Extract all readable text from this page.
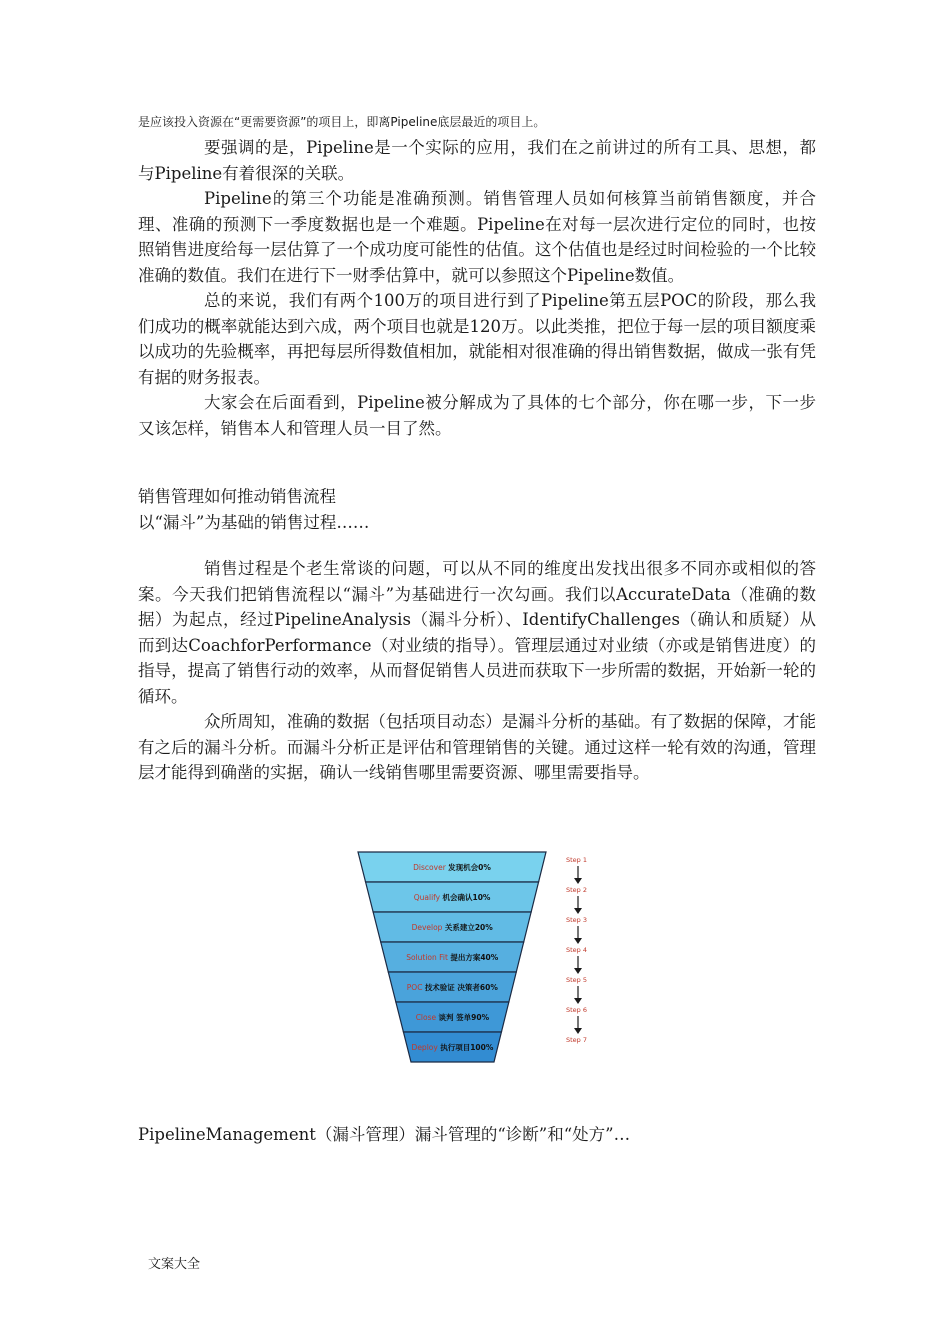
是应该投入资源在“更需要资源”的项目上，即离Pipeline底层最近的项目上。

要强调的是，Pipeline是一个实际的应用，我们在之前讲过的所有工具、思想，都与Pipeline有着很深的关联。

Pipeline的第三个功能是准确预测。销售管理人员如何核算当前销售额度，并合理、准确的预测下一季度数据也是一个难题。Pipeline在对每一层次进行定位的同时，也按照销售进度给每一层估算了一个成功度可能性的估值。这个估值也是经过时间检验的一个比较准确的数值。我们在进行下一财季估算中，就可以参照这个Pipeline数值。

总的来说，我们有两个100万的项目进行到了Pipeline第五层POC的阶段，那么我们成功的概率就能达到六成，两个项目也就是120万。以此类推，把位于每一层的项目额度乘以成功的先验概率，再把每层所得数值相加，就能相对很准确的得出销售数据，做成一张有凭有据的财务报表。

大家会在后面看到，Pipeline被分解成为了具体的七个部分，你在哪一步，下一步又该怎样，销售本人和管理人员一目了然。

销售管理如何推动销售流程

以“漏斗”为基础的销售过程……

销售过程是个老生常谈的问题，可以从不同的维度出发找出很多不同亦或相似的答案。今天我们把销售流程以“漏斗”为基础进行一次勾画。我们以AccurateData（准确的数据）为起点，经过PipelineAnalysis（漏斗分析）、IdentifyChallenges（确认和质疑）从而到达CoachforPerformance（对业绩的指导）。管理层通过对业绩（亦或是销售进度）的指导，提高了销售行动的效率，从而督促销售人员进而获取下一步所需的数据，开始新一轮的循环。

众所周知，准确的数据（包括项目动态）是漏斗分析的基础。有了数据的保障，才能有之后的漏斗分析。而漏斗分析正是评估和管理销售的关键。通过这样一轮有效的沟通，管理层才能得到确凿的实据，确认一线销售哪里需要资源、哪里需要指导。

Discover 发现机会0%
Qualify 机会确认10%
Develop 关系建立20%
Solution Fit 提出方案40%
POC 技术验证 决策者60%
Close 谈判 签单90%
Deploy 执行项目100%
Step 1
Step 2
Step 3
Step 4
Step 5
Step 6
Step 7
PipelineManagement（漏斗管理）漏斗管理的“诊断”和“处方”…
文案大全
